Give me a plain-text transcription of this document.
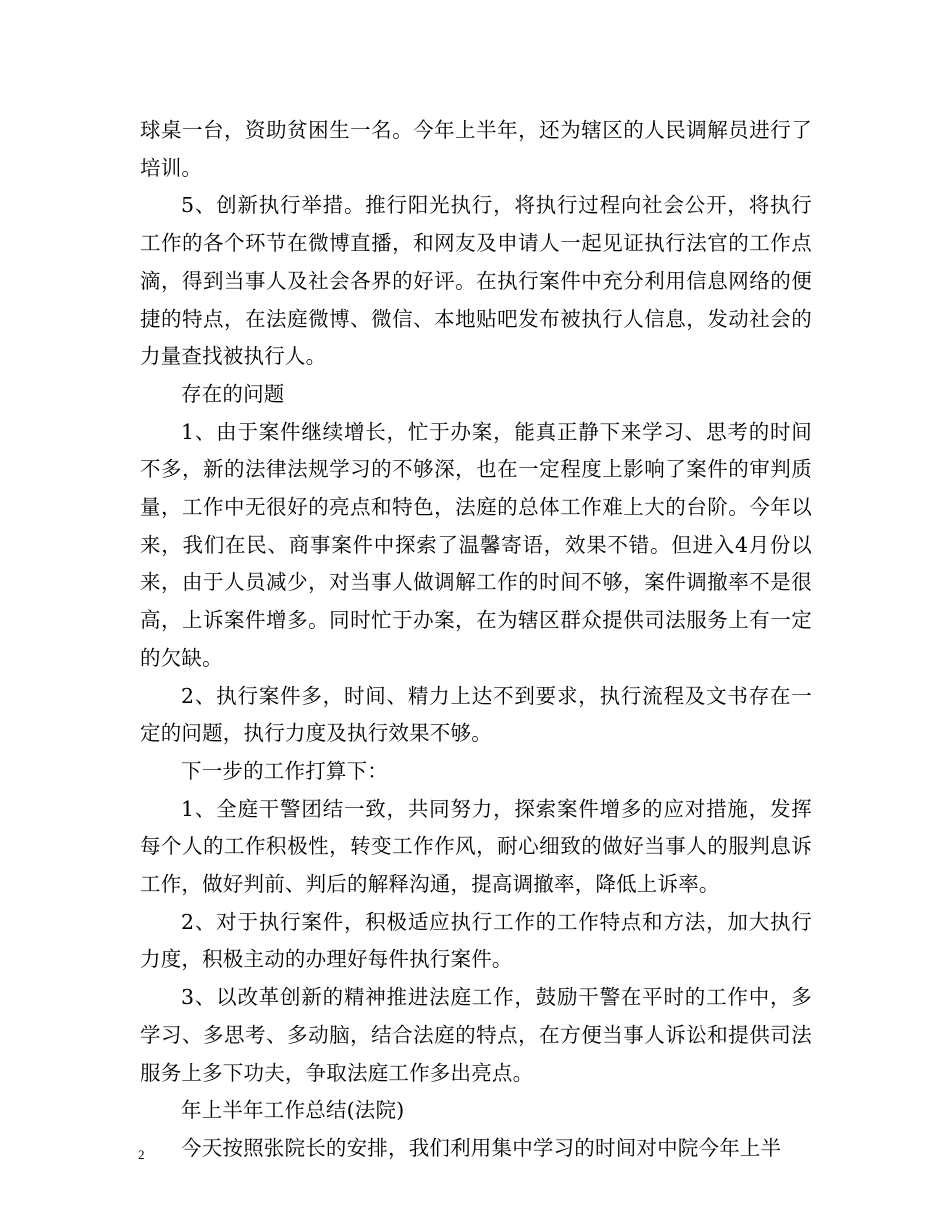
球桌一台，资助贫困生一名。今年上半年，还为辖区的人民调解员进行了培训。

5、创新执行举措。推行阳光执行，将执行过程向社会公开，将执行工作的各个环节在微博直播，和网友及申请人一起见证执行法官的工作点滴，得到当事人及社会各界的好评。在执行案件中充分利用信息网络的便捷的特点，在法庭微博、微信、本地贴吧发布被执行人信息，发动社会的力量查找被执行人。

存在的问题

1、由于案件继续增长，忙于办案，能真正静下来学习、思考的时间不多，新的法律法规学习的不够深，也在一定程度上影响了案件的审判质量，工作中无很好的亮点和特色，法庭的总体工作难上大的台阶。今年以来，我们在民、商事案件中探索了温馨寄语，效果不错。但进入4月份以来，由于人员减少，对当事人做调解工作的时间不够，案件调撤率不是很高，上诉案件增多。同时忙于办案，在为辖区群众提供司法服务上有一定的欠缺。

2、执行案件多，时间、精力上达不到要求，执行流程及文书存在一定的问题，执行力度及执行效果不够。

下一步的工作打算下：

1、全庭干警团结一致，共同努力，探索案件增多的应对措施，发挥每个人的工作积极性，转变工作作风，耐心细致的做好当事人的服判息诉工作，做好判前、判后的解释沟通，提高调撤率，降低上诉率。

2、对于执行案件，积极适应执行工作的工作特点和方法，加大执行力度，积极主动的办理好每件执行案件。

3、以改革创新的精神推进法庭工作，鼓励干警在平时的工作中，多学习、多思考、多动脑，结合法庭的特点，在方便当事人诉讼和提供司法服务上多下功夫，争取法庭工作多出亮点。

年上半年工作总结(法院)

今天按照张院长的安排，我们利用集中学习的时间对中院今年上半

2
